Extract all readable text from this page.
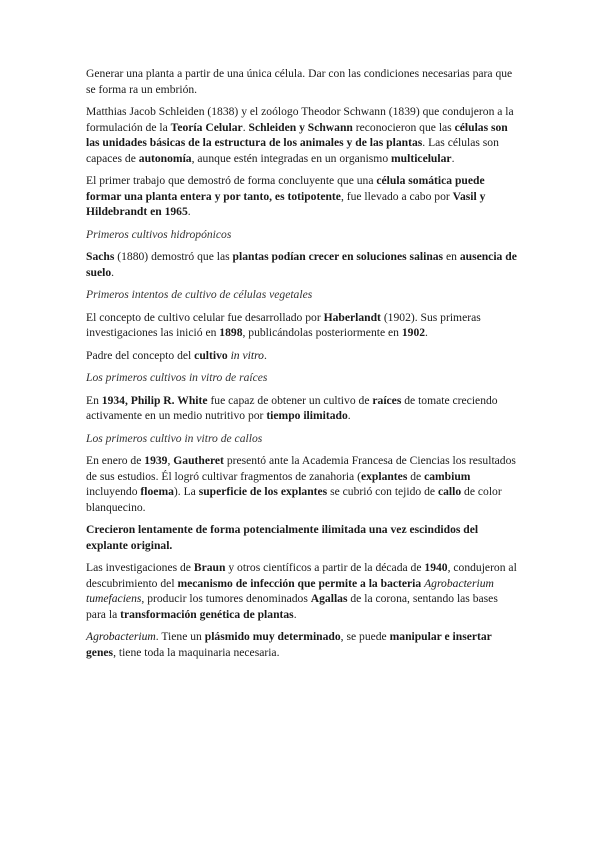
Generar una planta a partir de una única célula. Dar con las condiciones necesarias para que se forma ra un embrión.

Matthias Jacob Schleiden (1838) y el zoólogo Theodor Schwann (1839) que condujeron a la formulación de la Teoría Celular. Schleiden y Schwann reconocieron que las células son las unidades básicas de la estructura de los animales y de las plantas. Las células son capaces de autonomía, aunque estén integradas en un organismo multicelular.

El primer trabajo que demostró de forma concluyente que una célula somática puede formar una planta entera y por tanto, es totipotente, fue llevado a cabo por Vasil y Hildebrandt en 1965.

Primeros cultivos hidropónicos

Sachs (1880) demostró que las plantas podían crecer en soluciones salinas en ausencia de suelo.

Primeros intentos de cultivo de células vegetales

El concepto de cultivo celular fue desarrollado por Haberlandt (1902). Sus primeras investigaciones las inició en 1898, publicándolas posteriormente en 1902.

Padre del concepto del cultivo in vitro.

Los primeros cultivos in vitro de raíces

En 1934, Philip R. White fue capaz de obtener un cultivo de raíces de tomate creciendo activamente en un medio nutritivo por tiempo ilimitado.

Los primeros cultivo in vitro de callos

En enero de 1939, Gautheret presentó ante la Academia Francesa de Ciencias los resultados de sus estudios. Él logró cultivar fragmentos de zanahoria (explantes de cambium incluyendo floema). La superficie de los explantes se cubrió con tejido de callo de color blanquecino.

Crecieron lentamente de forma potencialmente ilimitada una vez escindidos del explante original.

Las investigaciones de Braun y otros científicos a partir de la década de 1940, condujeron al descubrimiento del mecanismo de infección que permite a la bacteria Agrobacterium tumefaciens, producir los tumores denominados Agallas de la corona, sentando las bases para la transformación genética de plantas.

Agrobacterium. Tiene un plásmido muy determinado, se puede manipular e insertar genes, tiene toda la maquinaria necesaria.
